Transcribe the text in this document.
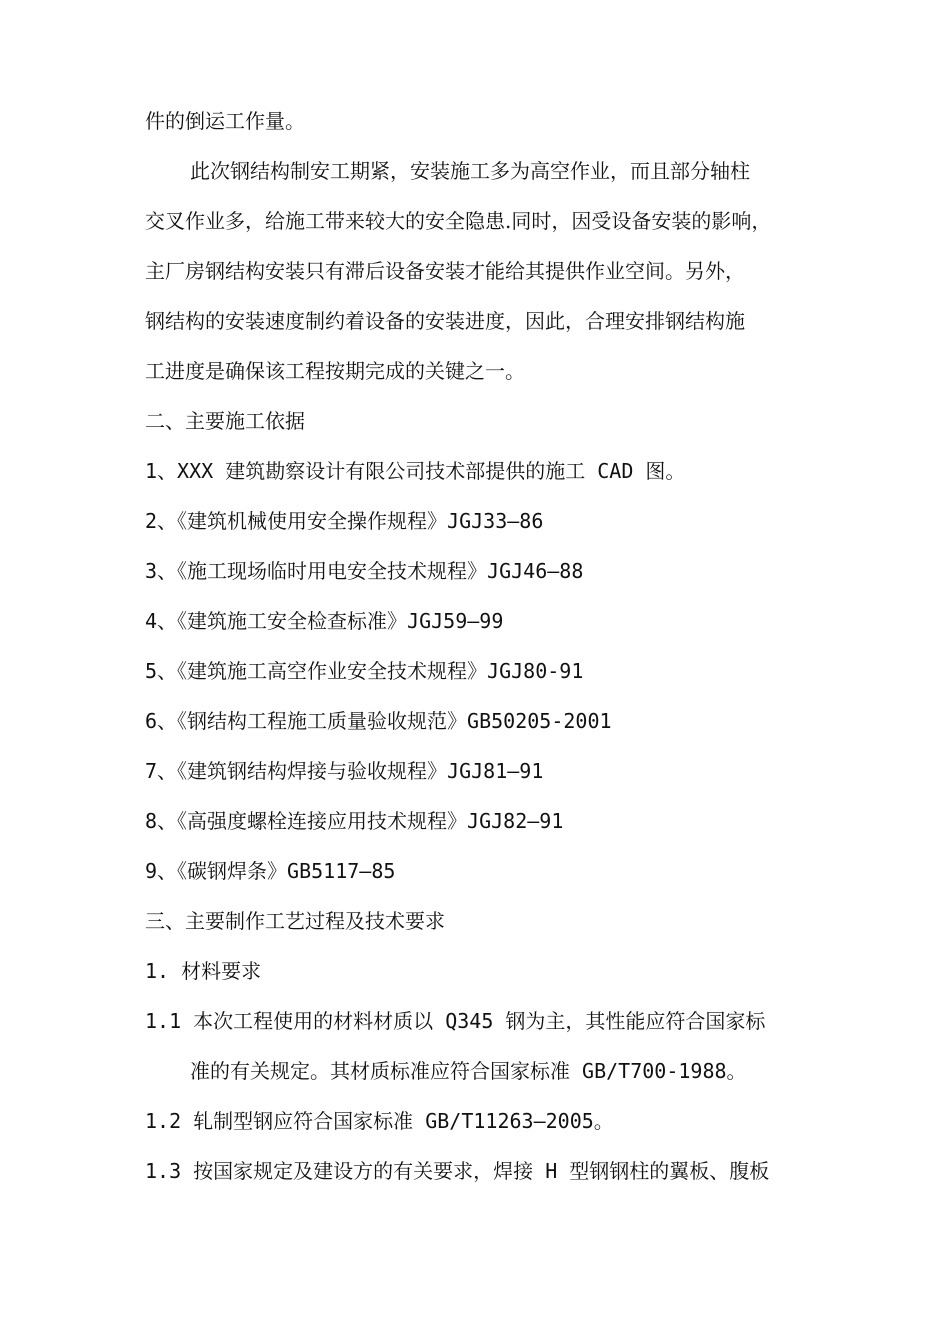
件的倒运工作量。
此次钢结构制安工期紧，安装施工多为高空作业，而且部分轴柱
交叉作业多，给施工带来较大的安全隐患.同时，因受设备安装的影响，
主厂房钢结构安装只有滞后设备安装才能给其提供作业空间。另外，
钢结构的安装速度制约着设备的安装进度，因此，合理安排钢结构施
工进度是确保该工程按期完成的关键之一。
二、主要施工依据
1、XXX 建筑勘察设计有限公司技术部提供的施工 CAD 图。
2、《建筑机械使用安全操作规程》JGJ33—86
3、《施工现场临时用电安全技术规程》JGJ46—88
4、《建筑施工安全检查标准》JGJ59—99
5、《建筑施工高空作业安全技术规程》JGJ80-91
6、《钢结构工程施工质量验收规范》GB50205-2001
7、《建筑钢结构焊接与验收规程》JGJ81—91
8、《高强度螺栓连接应用技术规程》JGJ82—91
9、《碳钢焊条》GB5117—85
三、主要制作工艺过程及技术要求
1. 材料要求
1.1 本次工程使用的材料材质以 Q345 钢为主，其性能应符合国家标
准的有关规定。其材质标准应符合国家标准 GB/T700-1988。
1.2 轧制型钢应符合国家标准 GB/T11263—2005。
1.3 按国家规定及建设方的有关要求，焊接 H 型钢钢柱的翼板、腹板
